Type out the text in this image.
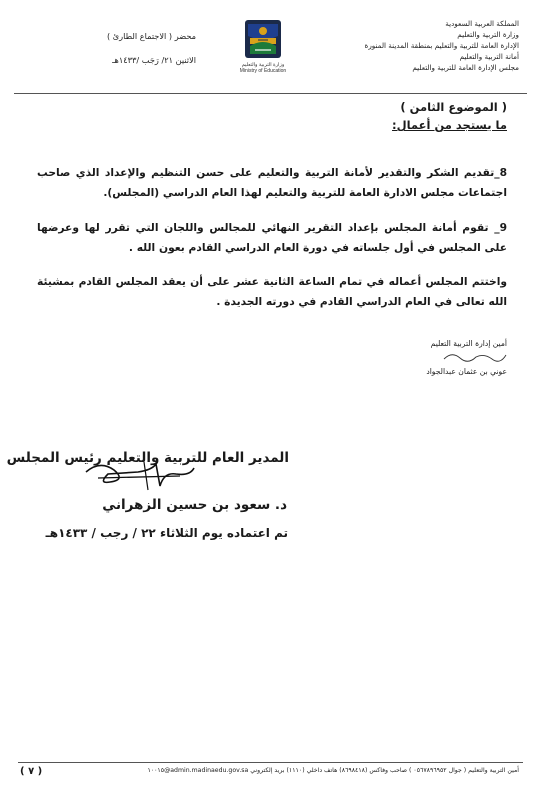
المملكة العربية السعودية
وزارة التربية والتعليم
الإدارة العامة للتربية والتعليم بمنطقة المدينة المنورة
أمانة التربية والتعليم
مجلس الإدارة العامة للتربية والتعليم
وزارة التربية والتعليم
Ministry of Education
محضر ( الاجتماع الطارئ )
الاثنين ٢١/ رَجَب /١٤٣٣هـ
( الموضوع الثامن )
ما يستجد من أعمال:
8_تقديم الشكر والتقدير لأمانة التربية والتعليم على حسن التنظيم والإعداد الذي صاحب اجتماعات مجلس الادارة العامة للتربية والتعليم لهذا العام الدراسي (المجلس).
9_ تقوم أمانة المجلس بإعداد التقرير النهائي للمجالس واللجان التي تقرر لها وعرضها على المجلس في أول جلساته في دورة العام الدراسي القادم بعون الله .
واختتم المجلس أعماله في تمام الساعة الثانية عشر على أن يعقد المجلس القادم بمشيئة الله تعالى في العام الدراسي القادم في دورته الجديدة .
أمين إدارة التربية التعليم
عوني بن عثمان عبدالجواد
المدير العام للتربية والتعليم رئيس المجلس
د. سعود بن حسين الزهراني
تم اعتماده يوم الثلاثاء ٢٢ / رجب / ١٤٣٣هـ
أمين التربية والتعليم ( جوال ٠٥٦٧٨٩٦٩٥٢ ) صاحب وفاكس (٨٦٩٨٤١٨) هاتف داخلي (١١١٠) بريد إلكتروني admin.madinaedu.gov.sa@١٠٠١٥
( ٧ )
